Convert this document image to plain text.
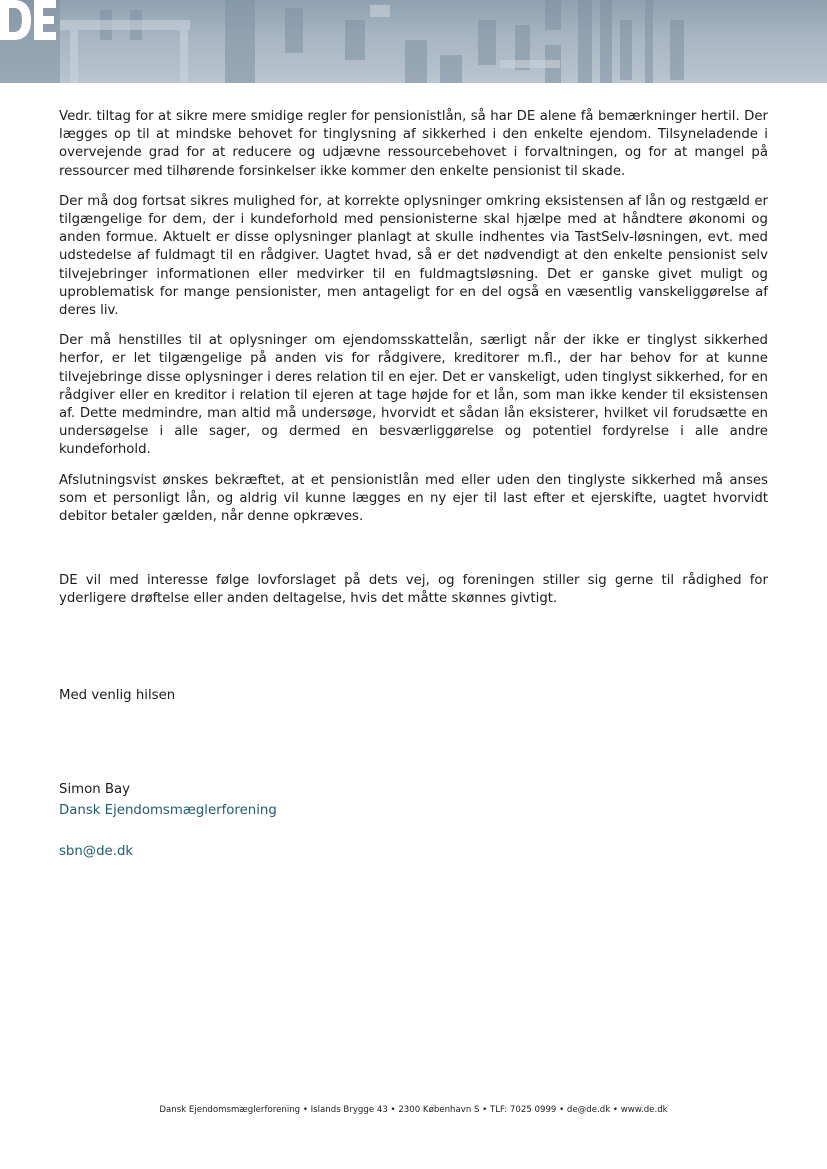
Vedr. tiltag for at sikre mere smidige regler for pensionistlån, så har DE alene få bemærkninger hertil. Der lægges op til at mindske behovet for tinglysning af sikkerhed i den enkelte ejendom. Tilsyneladende i overvejende grad for at reducere og udjævne ressourcebehovet i forvaltningen, og for at mangel på ressourcer med tilhørende forsinkelser ikke kommer den enkelte pensionist til skade.

Der må dog fortsat sikres mulighed for, at korrekte oplysninger omkring eksistensen af lån og restgæld er tilgængelige for dem, der i kundeforhold med pensionisterne skal hjælpe med at håndtere økonomi og anden formue. Aktuelt er disse oplysninger planlagt at skulle indhentes via TastSelv-løsningen, evt. med udstedelse af fuldmagt til en rådgiver. Uagtet hvad, så er det nødvendigt at den enkelte pensionist selv tilvejebringer informationen eller medvirker til en fuldmagtsløsning. Det er ganske givet muligt og uproblematisk for mange pensionister, men antageligt for en del også en væsentlig vanskeliggørelse af deres liv.

Der må henstilles til at oplysninger om ejendomsskattelån, særligt når der ikke er tinglyst sikkerhed herfor, er let tilgængelige på anden vis for rådgivere, kreditorer m.fl., der har behov for at kunne tilvejebringe disse oplysninger i deres relation til en ejer. Det er vanskeligt, uden tinglyst sikkerhed, for en rådgiver eller en kreditor i relation til ejeren at tage højde for et lån, som man ikke kender til eksistensen af. Dette medmindre, man altid må undersøge, hvorvidt et sådan lån eksisterer, hvilket vil forudsætte en undersøgelse i alle sager, og dermed en besværliggørelse og potentiel fordyrelse i alle andre kundeforhold.

Afslutningsvist ønskes bekræftet, at et pensionistlån med eller uden den tinglyste sikkerhed må anses som et personligt lån, og aldrig vil kunne lægges en ny ejer til last efter et ejerskifte, uagtet hvorvidt debitor betaler gælden, når denne opkræves.

DE vil med interesse følge lovforslaget på dets vej, og foreningen stiller sig gerne til rådighed for yderligere drøftelse eller anden deltagelse, hvis det måtte skønnes givtigt.

Med venlig hilsen

Simon Bay

Dansk Ejendomsmæglerforening

sbn@de.dk

Dansk Ejendomsmæglerforening • Islands Brygge 43 • 2300 København S • TLF: 7025 0999 • de@de.dk • www.de.dk
